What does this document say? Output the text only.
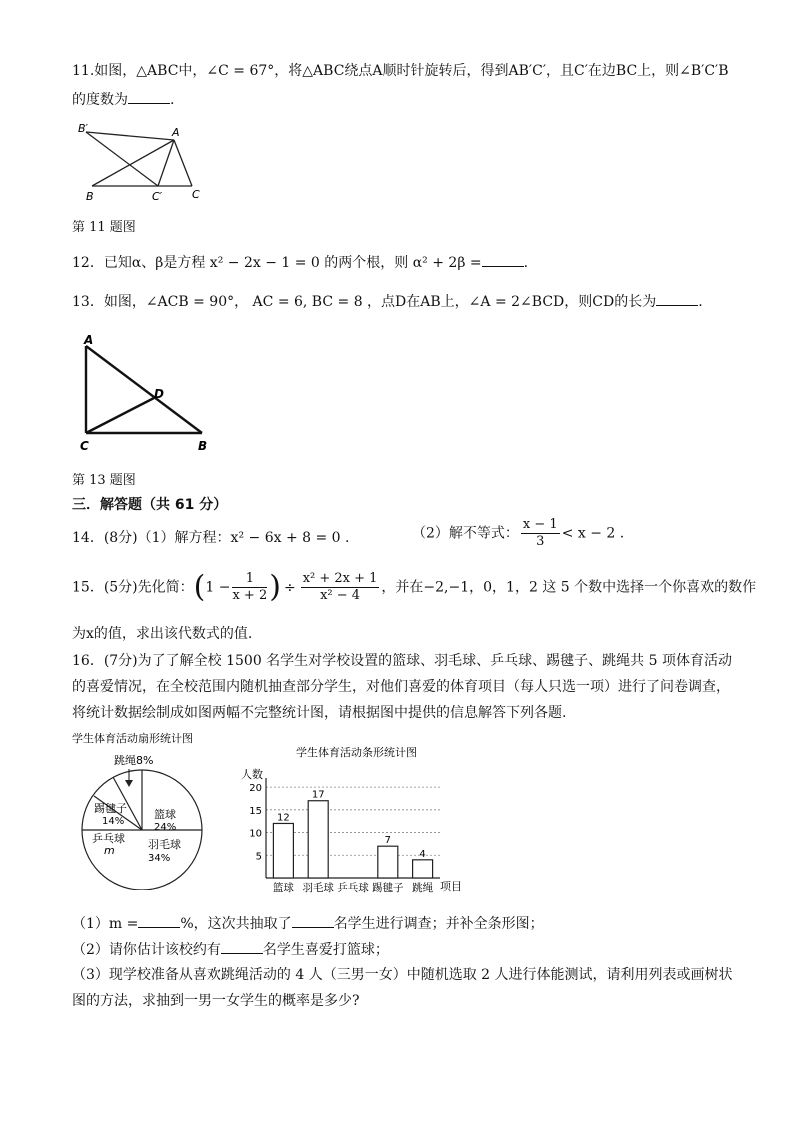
11.如图，△ABC中，∠C = 67°，将△ABC绕点A顺时针旋转后，得到AB′C′，且C′在边BC上，则∠B′C′B
的度数为	.
B′	A
B	C′	C
第 11 题图
12．已知α、β是方程 x² − 2x − 1 = 0 的两个根，则 α² + 2β =	.
13．如图，∠ACB = 90°， AC = 6, BC = 8 ，点D在AB上，∠A = 2∠BCD，则CD的长为	.
A
D
C	B
第 13 题图
三．解答题（共 61 分）
14．(8分)（1）解方程：x² − 6x + 8 = 0 .	（2）解不等式： $\frac{x - 1}{3} < x - 2$ .
15．(5分)先化简：($1 - \frac{1}{x + 2}$ ) ÷ $\frac{\text{x² + 2x + 1}}{\text{x² − 4}}$ ，并在−2,−1，0，1，2 这 5 个数中选择一个你喜欢的数作
为x的值，求出该代数式的值.
16．(7分)为了了解全校 1500 名学生对学校设置的篮球、羽毛球、乒乓球、踢毽子、跳绳共 5 项体育活动
的喜爱情况，在全校范围内随机抽查部分学生，对他们喜爱的体育项目（每人只选一项）进行了问卷调查，
将统计数据绘制成如图两幅不完整统计图，请根据图中提供的信息解答下列各题.
学生体育活动扇形统计图
跳绳8%
踢毽子
14%
乒乓球
m
篮球
24%
羽毛球
34%
学生体育活动条形统计图
人数
5
10
15
20
12
17
7
4
篮球 羽毛球 乒乓球 踢毽子 跳绳 项目
（1）m =	%，这次共抽取了	名学生进行调查；并补全条形图；
（2）请你估计该校约有	名学生喜爱打篮球；
（3）现学校准备从喜欢跳绳活动的 4 人（三男一女）中随机选取 2 人进行体能测试，请利用列表或画树状
图的方法，求抽到一男一女学生的概率是多少?
